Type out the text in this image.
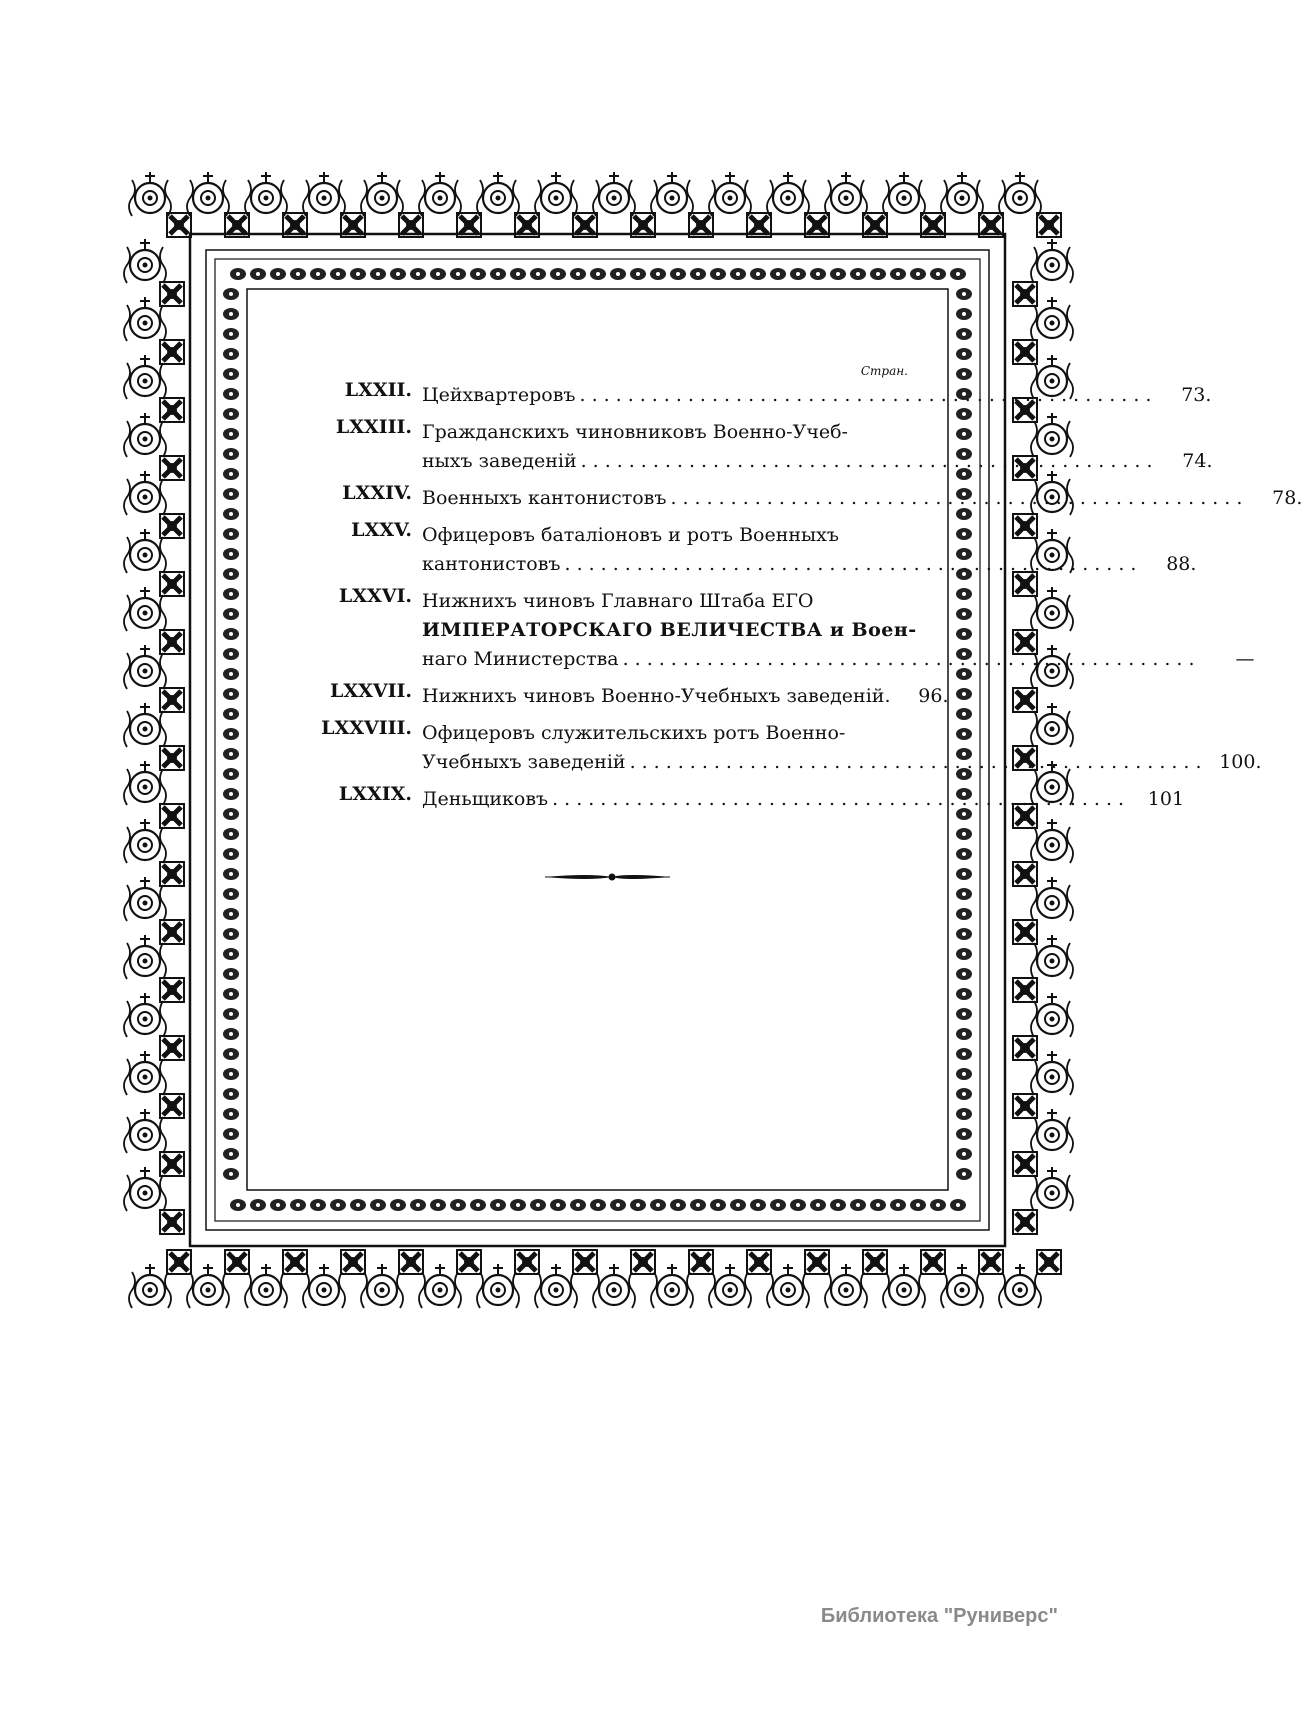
Стран.
LXXII. Цейхвартеровъ ................................................	73.
LXXIII. Гражданскихъ чиновниковъ Военно-Учеб-
ныхъ заведеній ................................................	74.
LXXIV. Военныхъ кантонистовъ ................................................	78.
LXXV. Офицеровъ баталіоновъ и ротъ Военныхъ
кантонистовъ ................................................	88.
LXXVI. Нижнихъ чиновъ Главнаго Штаба ЕГО
ИМПЕРАТОРСКАГО ВЕЛИЧЕСТВА и Воен-
наго Министерства ................................................	—
LXXVII. Нижнихъ чиновъ Военно-Учебныхъ заведеній.	96.
LXXVIII. Офицеровъ служительскихъ ротъ Военно-
Учебныхъ заведеній ................................................ 100.
LXXIX. Деньщиковъ ................................................ 101
Библиотека "Руниверс"
